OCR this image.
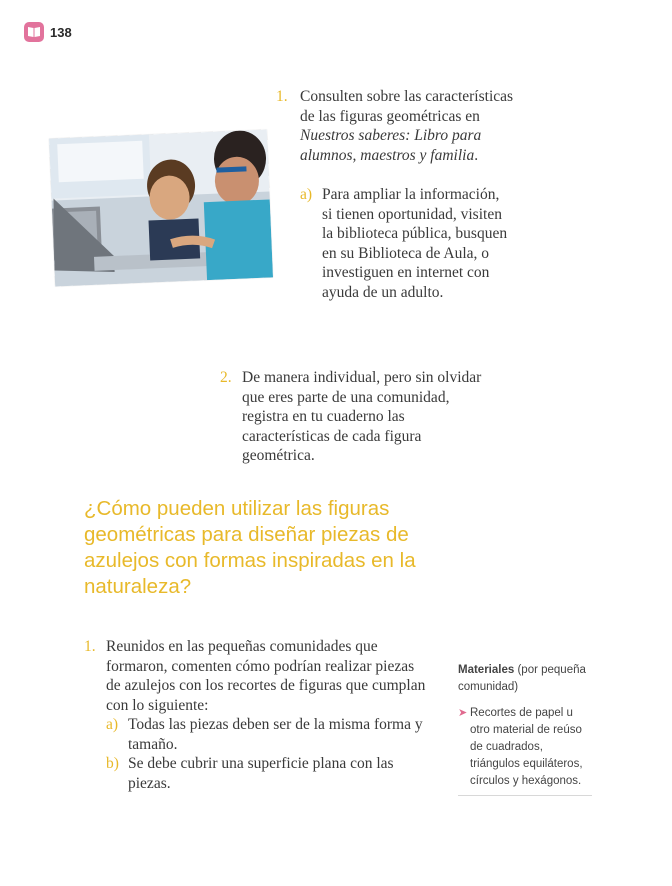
138
1. Consulten sobre las características de las figuras geométricas en Nuestros saberes: Libro para alumnos, maestros y familia.

a) Para ampliar la información, si tienen oportunidad, visiten la biblioteca pública, busquen en su Biblioteca de Aula, o investiguen en internet con ayuda de un adulto.
2. De manera individual, pero sin olvidar que eres parte de una comunidad, registra en tu cuaderno las características de cada figura geométrica.
¿Cómo pueden utilizar las figuras geométricas para diseñar piezas de azulejos con formas inspiradas en la naturaleza?
1. Reunidos en las pequeñas comunidades que formaron, comenten cómo podrían realizar piezas de azulejos con los recortes de figuras que cumplan con lo siguiente:
a) Todas las piezas deben ser de la misma forma y tamaño.
b) Se debe cubrir una superficie plana con las piezas.
Materiales (por pequeña comunidad)
➤ Recortes de papel u otro material de reúso de cuadrados, triángulos equiláteros, círculos y hexágonos.
